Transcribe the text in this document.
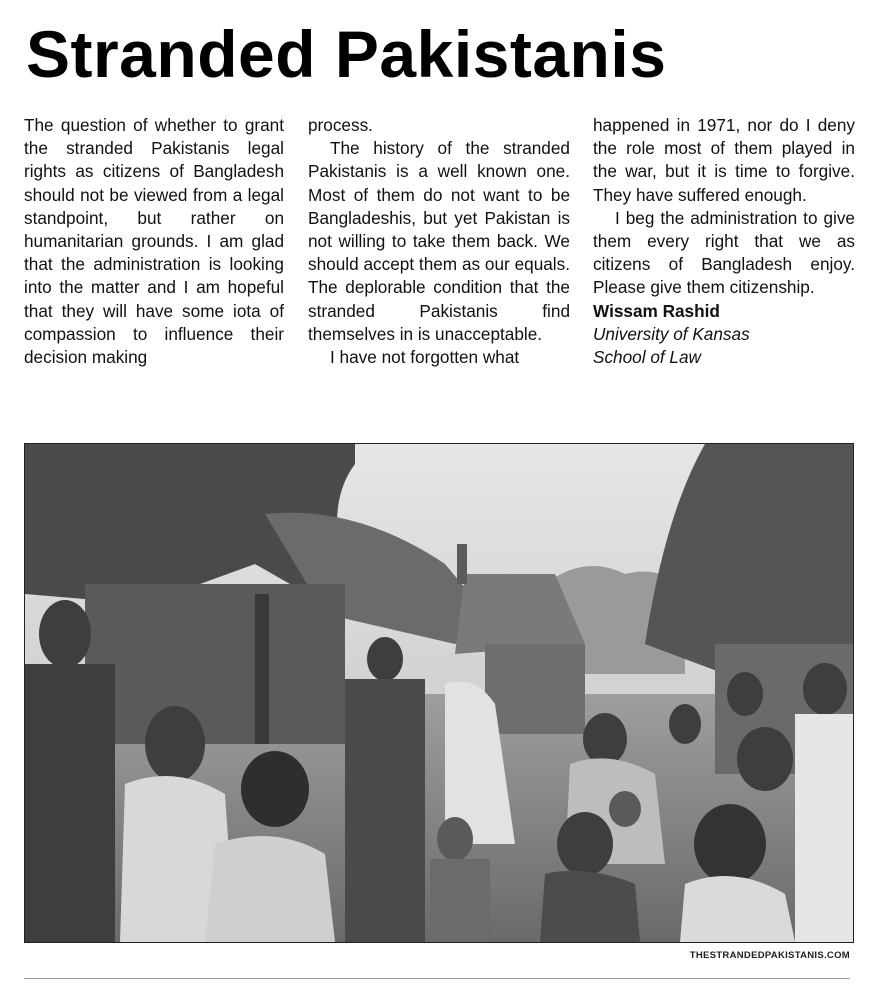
Stranded Pakistanis

The question of whether to grant the stranded Pakistanis legal rights as citizens of Bangladesh should not be viewed from a legal standpoint, but rather on humanitarian grounds. I am glad that the administration is looking into the matter and I am hopeful that they will have some iota of compassion to influence their decision making

process.

The history of the stranded Pakistanis is a well known one. Most of them do not want to be Bangladeshis, but yet Pakistan is not willing to take them back. We should accept them as our equals. The deplorable condition that the stranded Pakistanis find themselves in is unacceptable.

I have not forgotten what

happened in 1971, nor do I deny the role most of them played in the war, but it is time to forgive. They have suffered enough.

I beg the administration to give them every right that we as citizens of Bangladesh enjoy. Please give them citizenship.

Wissam Rashid

University of Kansas

School of Law

THESTRANDEDPAKISTANIS.COM
